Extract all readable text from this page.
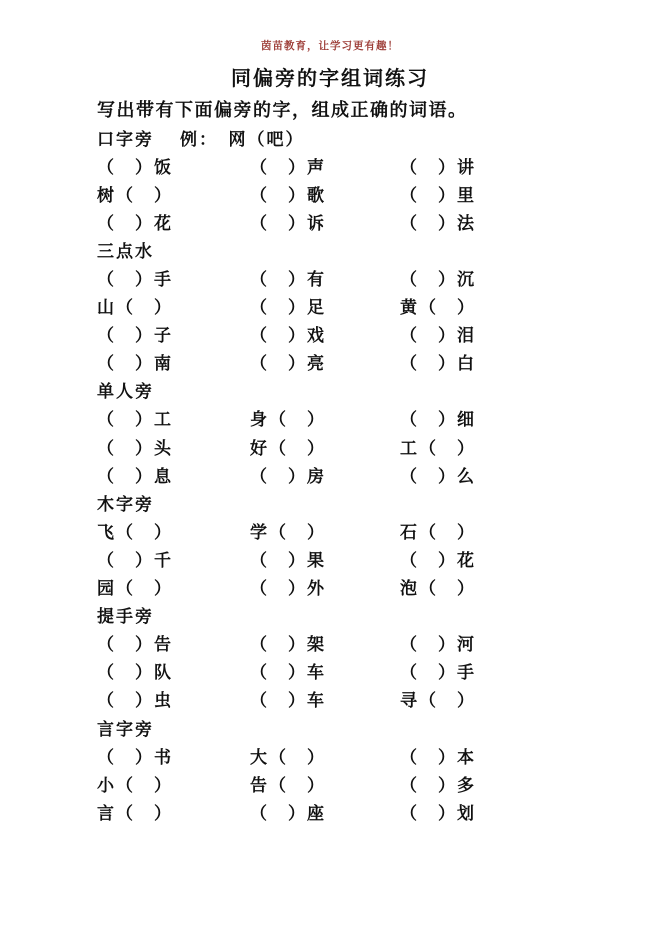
茵苗教育，让学习更有趣！
同偏旁的字组词练习
写出带有下面偏旁的字，组成正确的词语。
口字旁 例：　网（吧）
（　）饭	（　）声	（　）讲
树（　）	（　）歌	（　）里
（　）花	（　）诉	（　）法
三点水
（　）手	（　）有	（　）沉
山（　）	（　）足	黄（　）
（　）子	（　）戏	（　）泪
（　）南	（　）亮	（　）白
单人旁
（　）工	身（　）	（　）细
（　）头	好（　）	工（　）
（　）息	（　）房	（　）么
木字旁
飞（　）	学（　）	石（　）
（　）千	（　）果	（　）花
园（　）	（　）外	泡（　）
提手旁
（　）告	（　）架	（　）河
（　）队	（　）车	（　）手
（　）虫	（　）车	寻（　）
言字旁
（　）书	大（　）	（　）本
小（　）	告（　）	（　）多
言（　）	（　）座	（　）划
